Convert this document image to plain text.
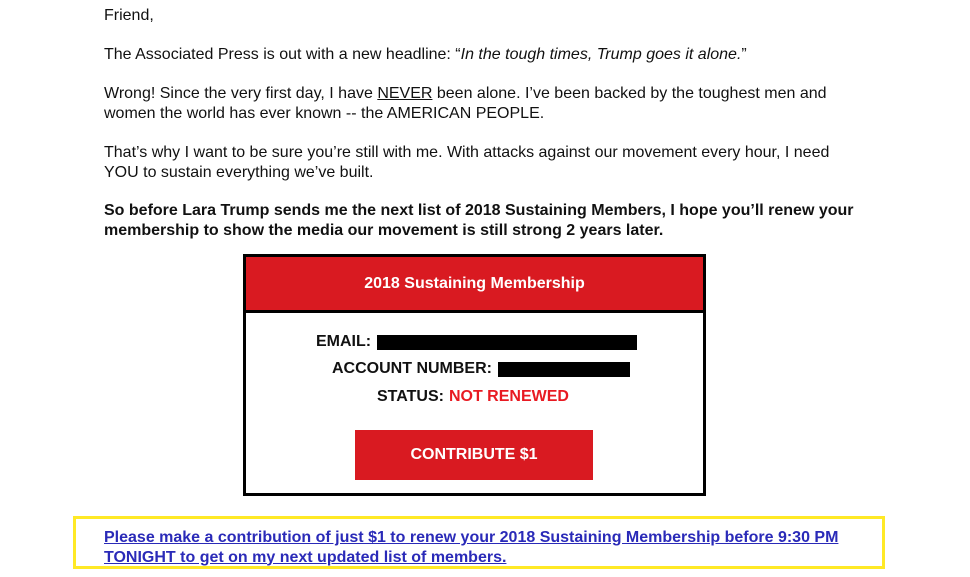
Friend,

The Associated Press is out with a new headline: “In the tough times, Trump goes it alone.”

Wrong! Since the very first day, I have NEVER been alone. I’ve been backed by the toughest men and women the world has ever known -- the AMERICAN PEOPLE.

That’s why I want to be sure you’re still with me. With attacks against our movement every hour, I need YOU to sustain everything we’ve built.

So before Lara Trump sends me the next list of 2018 Sustaining Members, I hope you’ll renew your membership to show the media our movement is still strong 2 years later.

2018 Sustaining Membership
EMAIL:
ACCOUNT NUMBER:
STATUS: NOT RENEWED
CONTRIBUTE $1
Please make a contribution of just $1 to renew your 2018 Sustaining Membership before 9:30 PM TONIGHT to get on my next updated list of members.
